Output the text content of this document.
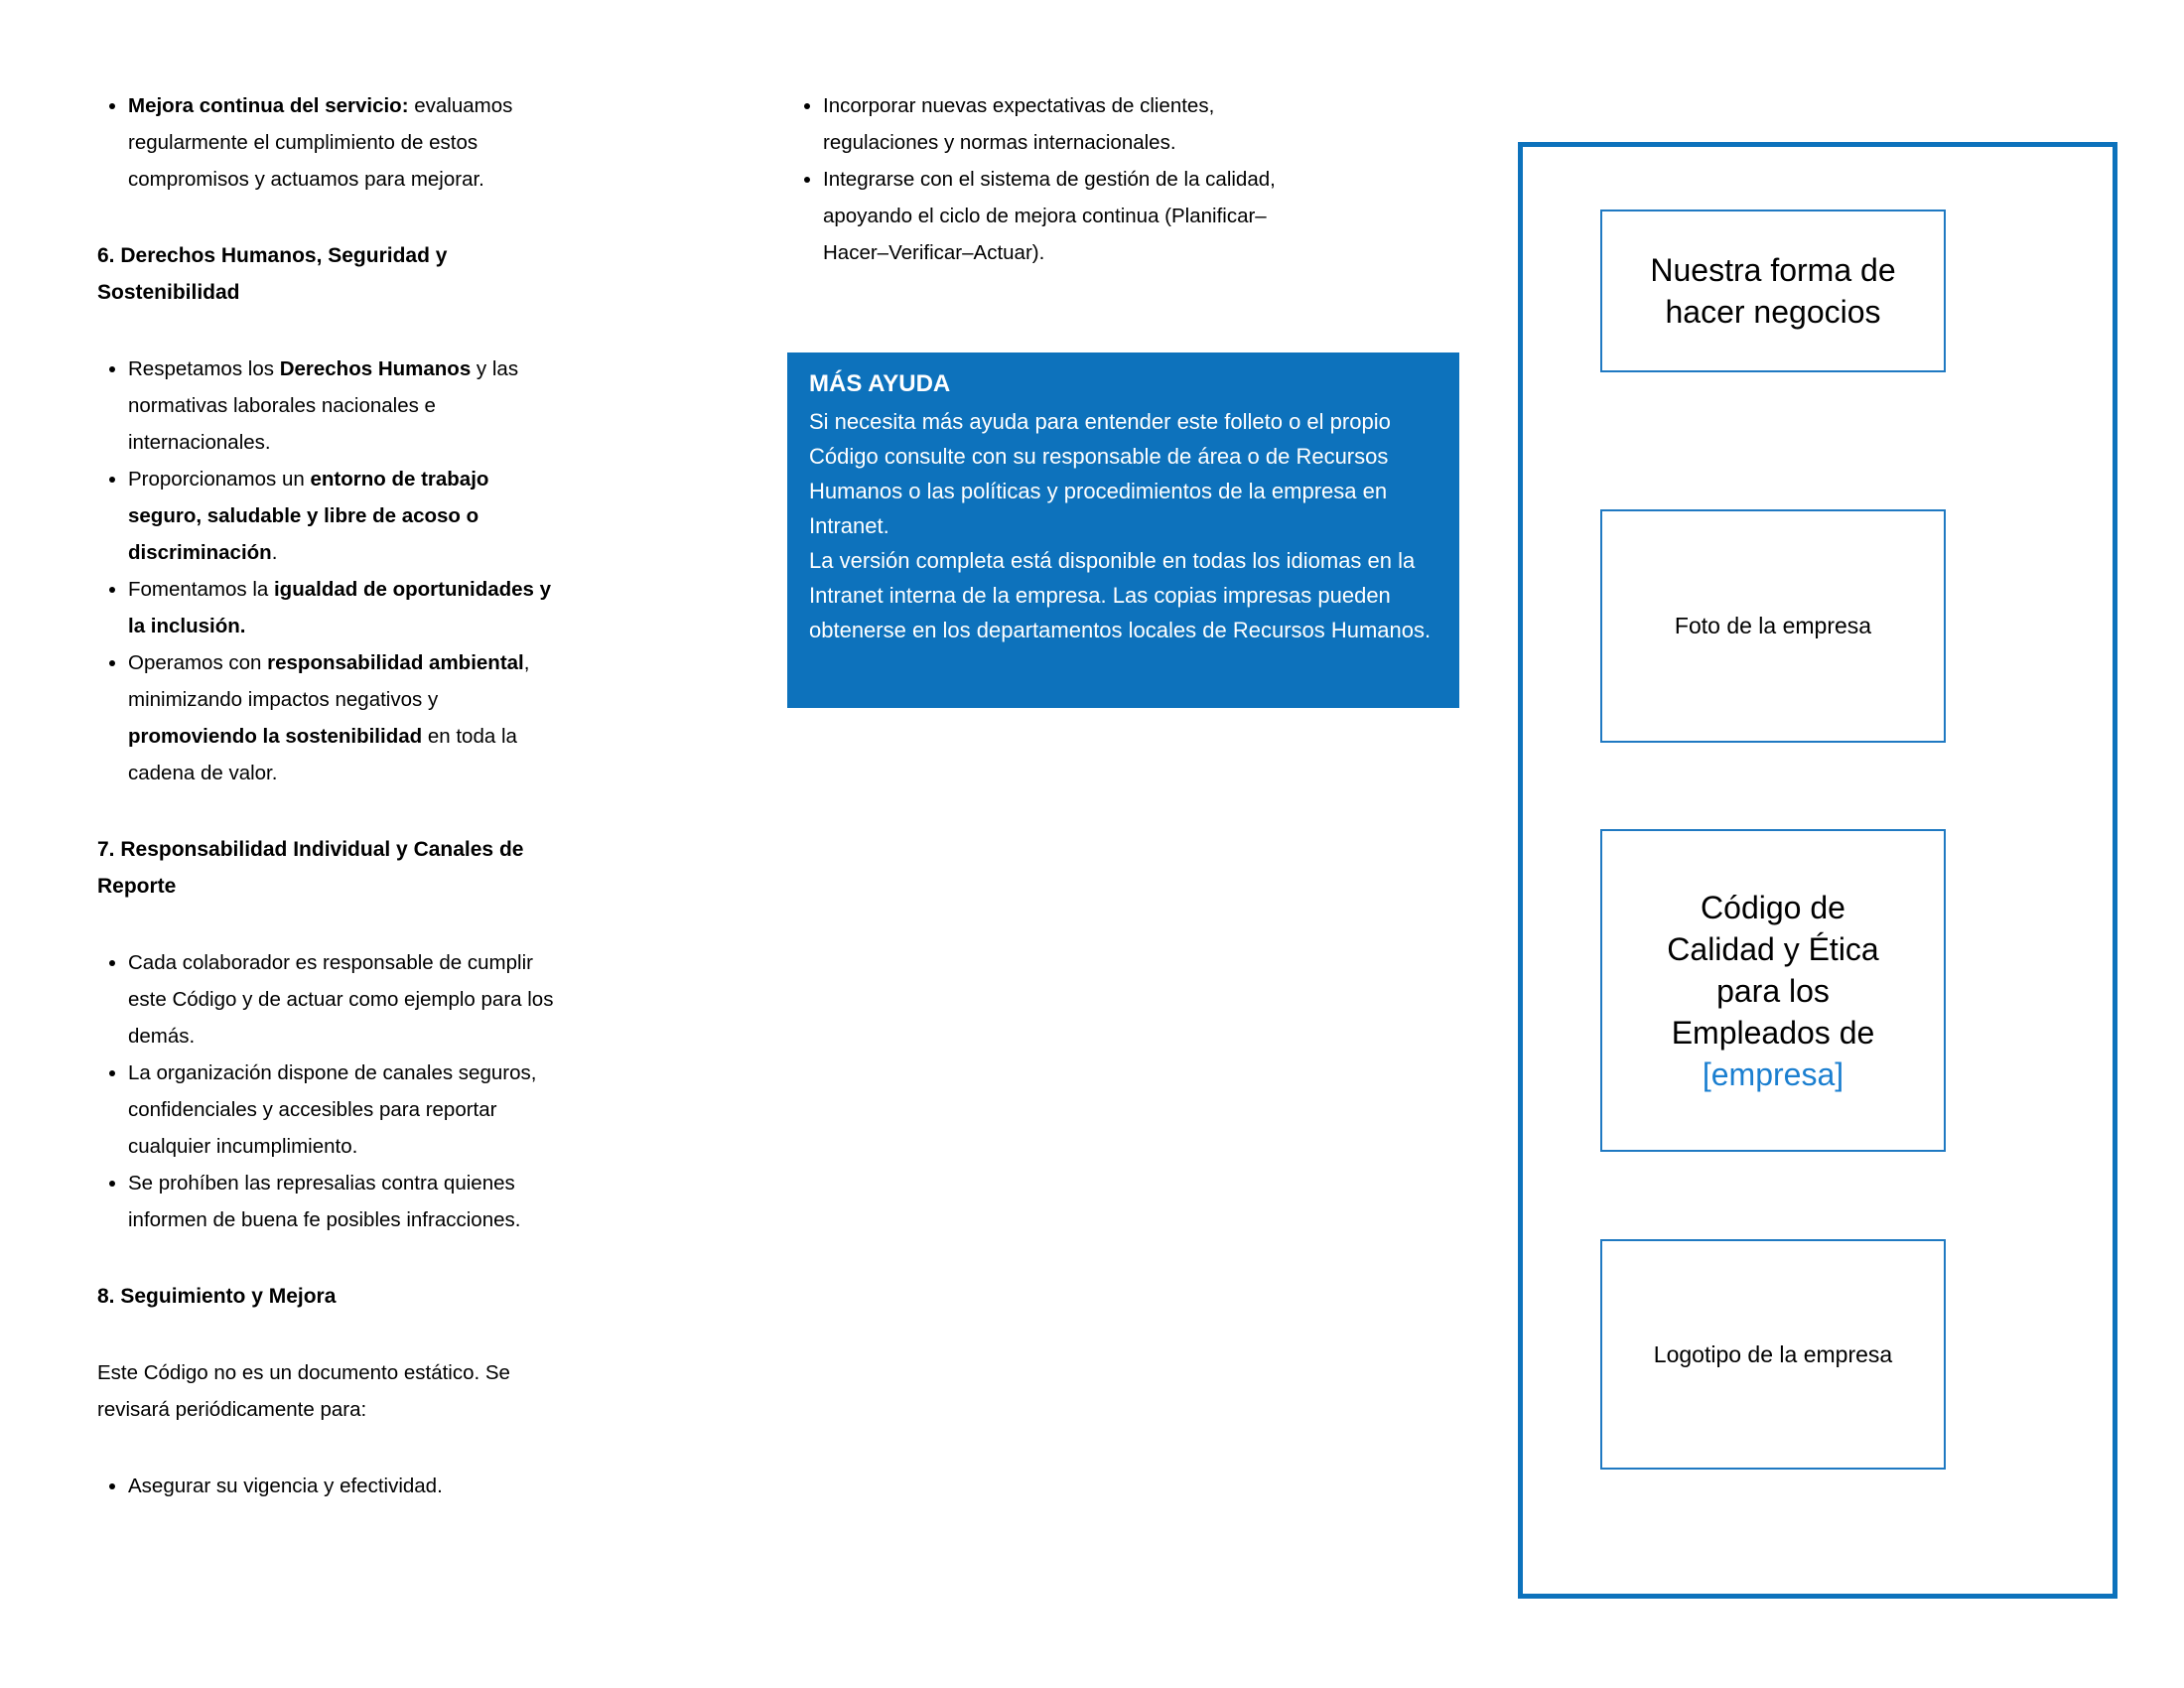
• Mejora continua del servicio: evaluamos regularmente el cumplimiento de estos compromisos y actuamos para mejorar.
6. Derechos Humanos, Seguridad y Sostenibilidad
• Respetamos los Derechos Humanos y las normativas laborales nacionales e internacionales.
• Proporcionamos un entorno de trabajo seguro, saludable y libre de acoso o discriminación.
• Fomentamos la igualdad de oportunidades y la inclusión.
• Operamos con responsabilidad ambiental, minimizando impactos negativos y promoviendo la sostenibilidad en toda la cadena de valor.
7. Responsabilidad Individual y Canales de Reporte
• Cada colaborador es responsable de cumplir este Código y de actuar como ejemplo para los demás.
• La organización dispone de canales seguros, confidenciales y accesibles para reportar cualquier incumplimiento.
• Se prohíben las represalias contra quienes informen de buena fe posibles infracciones.
8. Seguimiento y Mejora

Este Código no es un documento estático. Se revisará periódicamente para:

• Asegurar su vigencia y efectividad.
• Incorporar nuevas expectativas de clientes, regulaciones y normas internacionales.
• Integrarse con el sistema de gestión de la calidad, apoyando el ciclo de mejora continua (Planificar–Hacer–Verificar–Actuar).
MÁS AYUDA
Si necesita más ayuda para entender este folleto o el propio Código consulte con su responsable de área o de Recursos Humanos o las políticas y procedimientos de la empresa en Intranet.
La versión completa está disponible en todas los idiomas en la Intranet interna de la empresa. Las copias impresas pueden obtenerse en los departamentos locales de Recursos Humanos.
Nuestra forma de
hacer negocios
Foto de la empresa
Código de
Calidad y Ética
para los
Empleados de
[empresa]
Logotipo de la empresa
